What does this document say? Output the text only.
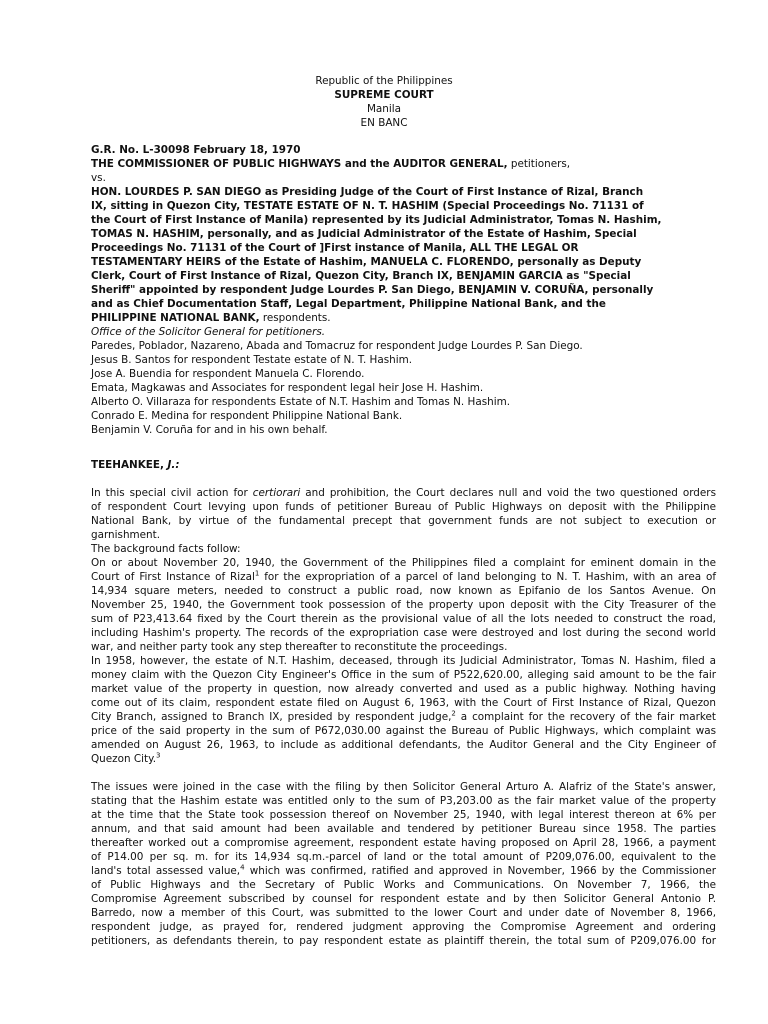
Republic of the Philippines
SUPREME COURT
Manila
EN BANC
G.R. No. L-30098 February 18, 1970
THE COMMISSIONER OF PUBLIC HIGHWAYS and the AUDITOR GENERAL, petitioners,
vs.
HON. LOURDES P. SAN DIEGO as Presiding Judge of the Court of First Instance of Rizal, Branch
IX, sitting in Quezon City, TESTATE ESTATE OF N. T. HASHIM (Special Proceedings No. 71131 of
the Court of First Instance of Manila) represented by its Judicial Administrator, Tomas N. Hashim,
TOMAS N. HASHIM, personally, and as Judicial Administrator of the Estate of Hashim, Special
Proceedings No. 71131 of the Court of ]First instance of Manila, ALL THE LEGAL OR
TESTAMENTARY HEIRS of the Estate of Hashim, MANUELA C. FLORENDO, personally as Deputy
Clerk, Court of First Instance of Rizal, Quezon City, Branch IX, BENJAMIN GARCIA as "Special
Sheriff" appointed by respondent Judge Lourdes P. San Diego, BENJAMIN V. CORUÑA, personally
and as Chief Documentation Staff, Legal Department, Philippine National Bank, and the
PHILIPPINE NATIONAL BANK, respondents.
Office of the Solicitor General for petitioners.
Paredes, Poblador, Nazareno, Abada and Tomacruz for respondent Judge Lourdes P. San Diego.
Jesus B. Santos for respondent Testate estate of N. T. Hashim.
Jose A. Buendia for respondent Manuela C. Florendo.
Emata, Magkawas and Associates for respondent legal heir Jose H. Hashim.
Alberto O. Villaraza for respondents Estate of N.T. Hashim and Tomas N. Hashim.
Conrado E. Medina for respondent Philippine National Bank.
Benjamin V. Coruña for and in his own behalf.
TEEHANKEE, J.:
In this special civil action for certiorari and prohibition, the Court declares null and void the two questioned orders
of respondent Court levying upon funds of petitioner Bureau of Public Highways on deposit with the Philippine
National Bank, by virtue of the fundamental precept that government funds are not subject to execution or
garnishment.
The background facts follow:
On or about November 20, 1940, the Government of the Philippines filed a complaint for eminent domain in the
Court of First Instance of Rizal$^1$ for the expropriation of a parcel of land belonging to N. T. Hashim, with an area of
14,934 square meters, needed to construct a public road, now known as Epifanio de los Santos Avenue. On
November 25, 1940, the Government took possession of the property upon deposit with the City Treasurer of the
sum of P23,413.64 fixed by the Court therein as the provisional value of all the lots needed to construct the road,
including Hashim's property. The records of the expropriation case were destroyed and lost during the second world
war, and neither party took any step thereafter to reconstitute the proceedings.
In 1958, however, the estate of N.T. Hashim, deceased, through its Judicial Administrator, Tomas N. Hashim, filed a
money claim with the Quezon City Engineer's Office in the sum of P522,620.00, alleging said amount to be the fair
market value of the property in question, now already converted and used as a public highway. Nothing having
come out of its claim, respondent estate filed on August 6, 1963, with the Court of First Instance of Rizal, Quezon
City Branch, assigned to Branch IX, presided by respondent judge,$^2$ a complaint for the recovery of the fair market
price of the said property in the sum of P672,030.00 against the Bureau of Public Highways, which complaint was
amended on August 26, 1963, to include as additional defendants, the Auditor General and the City Engineer of
Quezon City.$^3$
The issues were joined in the case with the filing by then Solicitor General Arturo A. Alafriz of the State's answer,
stating that the Hashim estate was entitled only to the sum of P3,203.00 as the fair market value of the property
at the time that the State took possession thereof on November 25, 1940, with legal interest thereon at 6% per
annum, and that said amount had been available and tendered by petitioner Bureau since 1958. The parties
thereafter worked out a compromise agreement, respondent estate having proposed on April 28, 1966, a payment
of P14.00 per sq. m. for its 14,934 sq.m.-parcel of land or the total amount of P209,076.00, equivalent to the
land's total assessed value,$^4$ which was confirmed, ratified and approved in November, 1966 by the Commissioner
of Public Highways and the Secretary of Public Works and Communications. On November 7, 1966, the
Compromise Agreement subscribed by counsel for respondent estate and by then Solicitor General Antonio P.
Barredo, now a member of this Court, was submitted to the lower Court and under date of November 8, 1966,
respondent judge, as prayed for, rendered judgment approving the Compromise Agreement and ordering
petitioners, as defendants therein, to pay respondent estate as plaintiff therein, the total sum of P209,076.00 for
